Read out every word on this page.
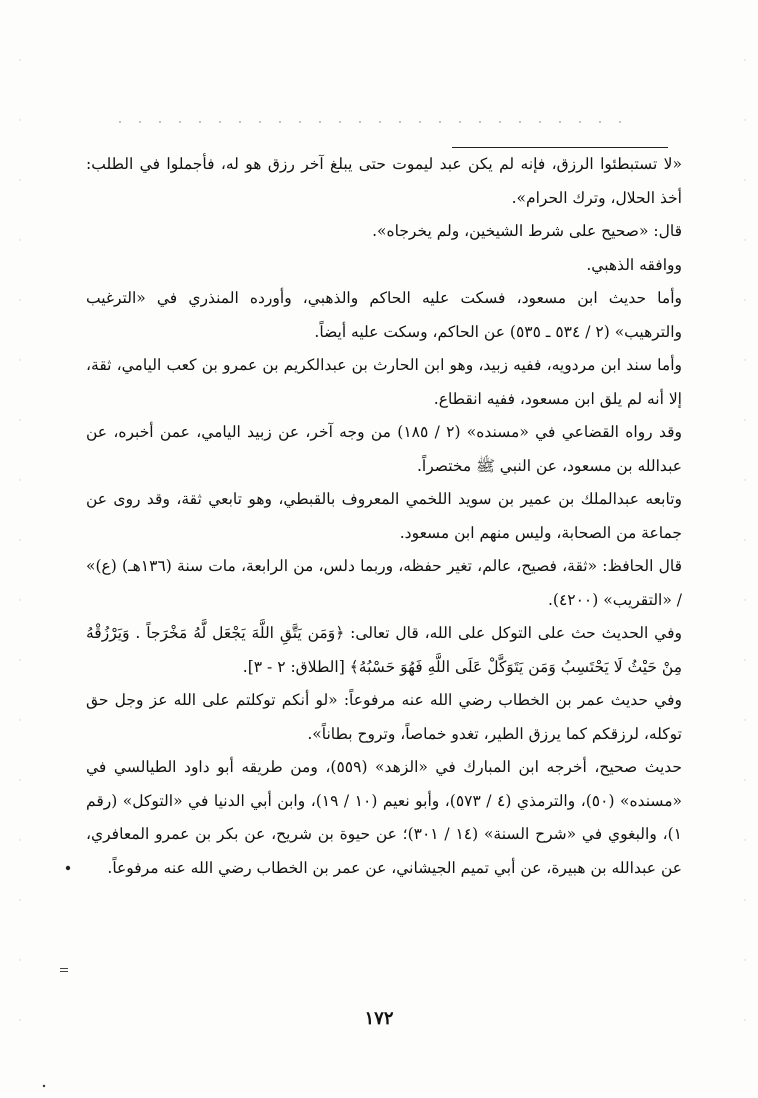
«لا تستبطئوا الرزق، فإنه لم يكن عبد ليموت حتى يبلغ آخر رزق هو له، فأجملوا في الطلب: أخذ الحلال، وترك الحرام».

قال: «صحيح على شرط الشيخين، ولم يخرجاه».

ووافقه الذهبي.

وأما حديث ابن مسعود، فسكت عليه الحاكم والذهبي، وأورده المنذري في «الترغيب والترهيب» (٢ / ٥٣٤ ـ ٥٣٥) عن الحاكم، وسكت عليه أيضاً.

وأما سند ابن مردويه، ففيه زبيد، وهو ابن الحارث بن عبدالكريم بن عمرو بن كعب اليامي، ثقة، إلا أنه لم يلق ابن مسعود، ففيه انقطاع.

وقد رواه القضاعي في «مسنده» (٢ / ١٨٥) من وجه آخر، عن زبيد اليامي، عمن أخبره، عن عبدالله بن مسعود، عن النبي ﷺ مختصراً.

وتابعه عبدالملك بن عمير بن سويد اللخمي المعروف بالقبطي، وهو تابعي ثقة، وقد روى عن جماعة من الصحابة، وليس منهم ابن مسعود.

قال الحافظ: «ثقة، فصيح، عالم، تغير حفظه، وربما دلس، من الرابعة، مات سنة (١٣٦هـ) (ع)» / «التقريب» (٤٢٠٠).

وفي الحديث حث على التوكل على الله، قال تعالى: ﴿وَمَن يَتَّقِ اللَّهَ يَجْعَل لَّهُ مَخْرَجاً . وَيَرْزُقْهُ مِنْ حَيْثُ لَا يَحْتَسِبُ وَمَن يَتَوَكَّلْ عَلَى اللَّهِ فَهُوَ حَسْبُهُ﴾ [الطلاق: ٢ - ٣].

وفي حديث عمر بن الخطاب رضي الله عنه مرفوعاً: «لو أنكم توكلتم على الله عز وجل حق توكله، لرزقكم كما يرزق الطير، تغدو خماصاً، وتروح بطاناً».

حديث صحيح، أخرجه ابن المبارك في «الزهد» (٥٥٩)، ومن طريقه أبو داود الطيالسي في «مسنده» (٥٠)، والترمذي (٤ / ٥٧٣)، وأبو نعيم (١٠ / ١٩)، وابن أبي الدنيا في «التوكل» (رقم ١)، والبغوي في «شرح السنة» (١٤ / ٣٠١)؛ عن حيوة بن شريح، عن بكر بن عمرو المعافري، عن عبدالله بن هبيرة، عن أبي تميم الجيشاني، عن عمر بن الخطاب رضي الله عنه مرفوعاً.

١٧٢
